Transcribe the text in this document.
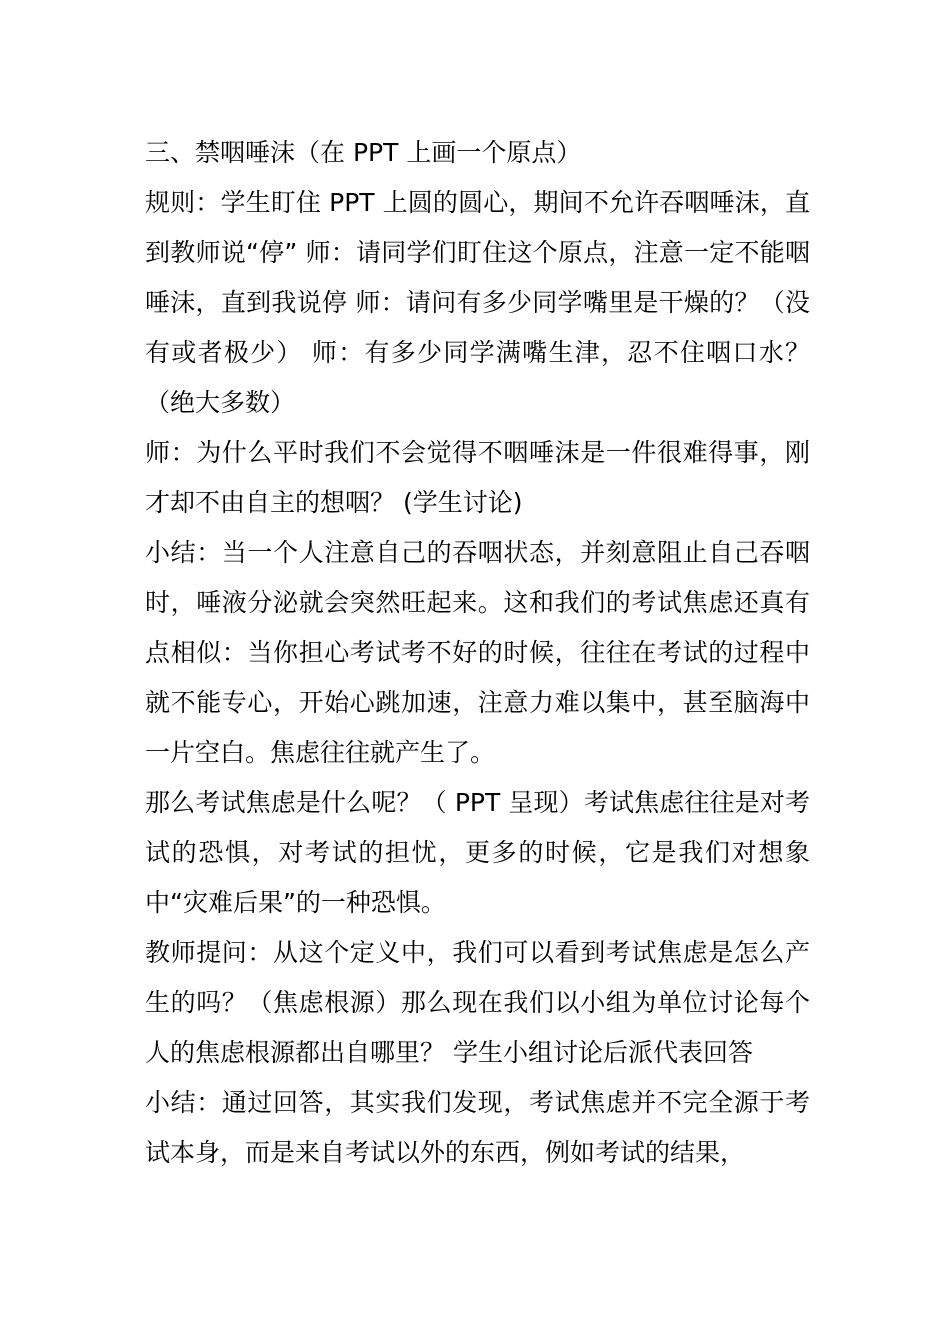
三、禁咽唾沫（在 PPT 上画一个原点）

规则：学生盯住 PPT 上圆的圆心，期间不允许吞咽唾沫，直到教师说“停” 师：请同学们盯住这个原点，注意一定不能咽唾沫，直到我说停 师：请问有多少同学嘴里是干燥的？（没有或者极少） 师：有多少同学满嘴生津，忍不住咽口水？（绝大多数）

师：为什么平时我们不会觉得不咽唾沫是一件很难得事，刚才却不由自主的想咽？ (学生讨论)

小结：当一个人注意自己的吞咽状态，并刻意阻止自己吞咽时，唾液分泌就会突然旺起来。这和我们的考试焦虑还真有点相似：当你担心考试考不好的时候，往往在考试的过程中就不能专心，开始心跳加速，注意力难以集中，甚至脑海中一片空白。焦虑往往就产生了。

那么考试焦虑是什么呢？（ PPT 呈现）考试焦虑往往是对考试的恐惧，对考试的担忧，更多的时候，它是我们对想象中“灾难后果”的一种恐惧。

教师提问：从这个定义中，我们可以看到考试焦虑是怎么产生的吗？（焦虑根源）那么现在我们以小组为单位讨论每个人的焦虑根源都出自哪里？ 学生小组讨论后派代表回答

小结：通过回答，其实我们发现，考试焦虑并不完全源于考试本身，而是来自考试以外的东西，例如考试的结果，
